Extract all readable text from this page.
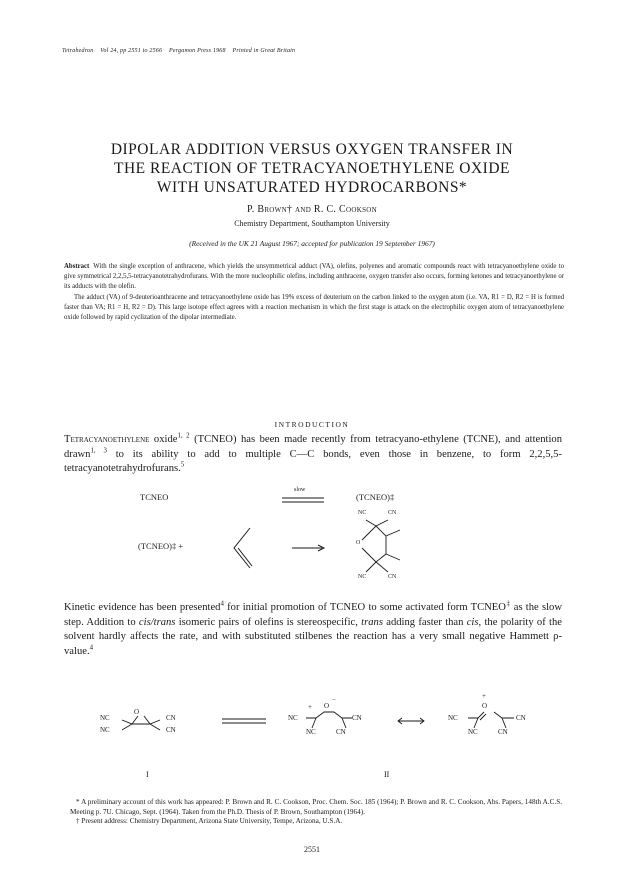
Tetrahedron Vol 24, pp 2551 to 2566 Pergamon Press 1968 Printed in Great Britain
DIPOLAR ADDITION VERSUS OXYGEN TRANSFER IN
THE REACTION OF TETRACYANOETHYLENE OXIDE
WITH UNSATURATED HYDROCARBONS*
P. Brown† and R. C. Cookson
Chemistry Department, Southampton University
(Received in the UK 21 August 1967; accepted for publication 19 September 1967)

Abstract With the single exception of anthracene, which yields the unsymmetrical adduct (VA), olefins, polyenes and aromatic compounds react with tetracyanoethylene oxide to give symmetrical 2,2,5,5-tetracyanotetrahydrofurans. With the more nucleophilic olefins, including anthracene, oxygen transfer also occurs, forming ketones and tetracyanoethylene or its adducts with the olefin.

The adduct (VA) of 9-deuterioanthracene and tetracyanoethylene oxide has 19% excess of deuterium on the carbon linked to the oxygen atom (i.e. VA, R1 = D, R2 = H is formed faster than VA; R1 = H, R2 = D). This large isotope effect agrees with a reaction mechanism in which the first stage is attack on the electrophilic oxygen atom of tetracyanoethylene oxide followed by rapid cyclization of the dipolar intermediate.

INTRODUCTION
Tetracyanoethylene oxide$^{1, 2}$ (TCNEO) has been made recently from tetracyano-ethylene (TCNE), and attention drawn$^{1, 3}$ to its ability to add to multiple C—C bonds, even those in benzene, to form 2,2,5,5-tetracyanotetrahydrofurans.$^5$
TCNEO
slow
(TCNEO)‡
(TCNEO)‡ +
NC	CN
O
NC	CN
Kinetic evidence has been presented$^4$ for initial promotion of TCNEO to some activated form TCNEO‡ as the slow step. Addition to cis/trans isomeric pairs of olefins is stereospecific, trans adding faster than cis, the polarity of the solvent hardly affects the rate, and with substituted stilbenes the reaction has a very small negative Hammett ρ-value.$^4$
NC
NC
O
CN
CN
NC
+ O
−
CN
NC	CN
NC
+
O
CN
NC	CN
I	II

* A preliminary account of this work has appeared: P. Brown and R. C. Cookson, Proc. Chem. Soc. 185 (1964); P. Brown and R. C. Cookson, Abs. Papers, 148th A.C.S. Meeting p. 7U. Chicago, Sept. (1964). Taken from the Ph.D. Thesis of P. Brown, Southampton (1964).

† Present address: Chemistry Department, Arizona State University, Tempe, Arizona, U.S.A.

2551
